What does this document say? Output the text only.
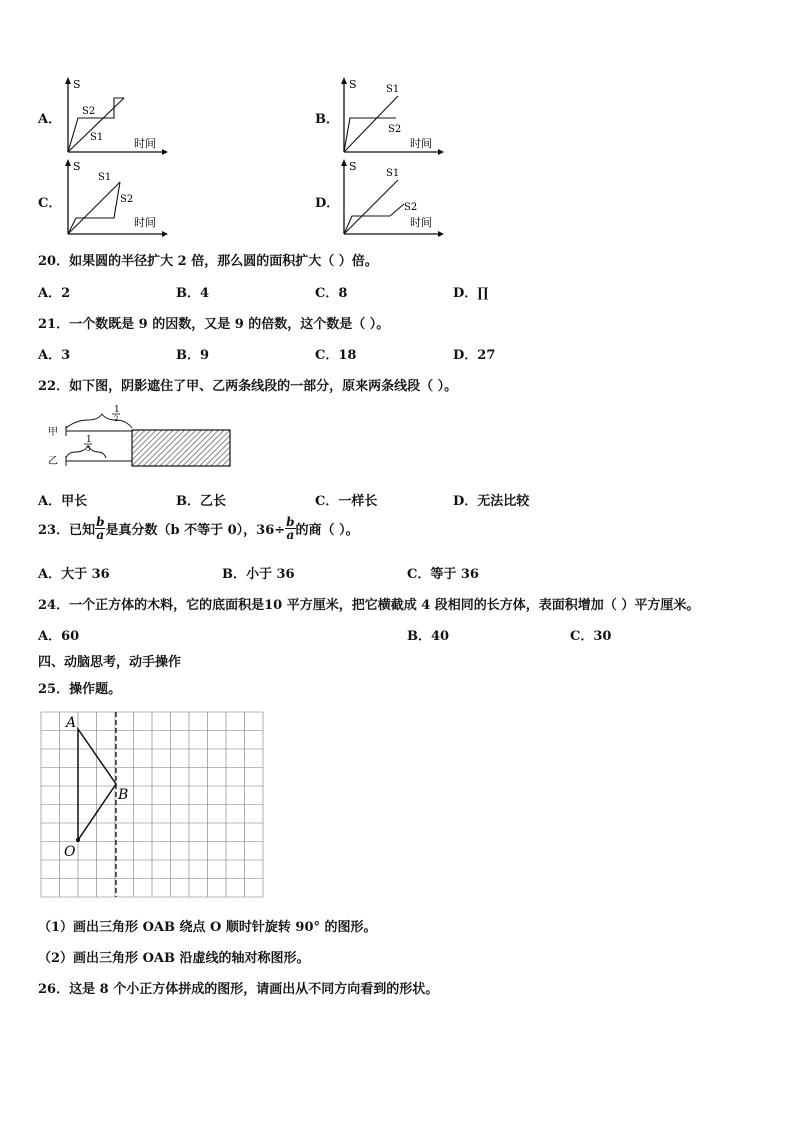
A．
S
时间
S2
S1
B．
S
时间
S1
S2
C．
S
时间
S1
S2	D．
S
时间
S1
S2
20．如果圆的半径扩大 2 倍，那么圆的面积扩大（ ）倍。
A．2	B．4	C．8	D．∏
21．一个数既是 9 的因数，又是 9 的倍数，这个数是（ ）。
A．3	B．9	C．18	D．27
22．如下图，阴影遮住了甲、乙两条线段的一部分，原来两条线段（ ）。
甲
乙
1
2
1
3
A．甲长	B．乙长	C．一样长	D．无法比较
23．已知 $\frac{b}{a}$ 是真分数（b 不等于 0），$36\div \frac{b}{a}$ 的商（ ）。
A．大于 36	B．小于 36	C．等于 36
24．一个正方体的木料，它的底面积是10 平方厘米，把它横截成 4 段相同的长方体，表面积增加（ ）平方厘米。
A．60	B．40	C．30
四、动脑思考，动手操作
25．操作题。
A
B
O
（1）画出三角形 OAB 绕点 O 顺时针旋转 90° 的图形。
（2）画出三角形 OAB 沿虚线的轴对称图形。
26．这是 8 个小正方体拼成的图形，请画出从不同方向看到的形状。
